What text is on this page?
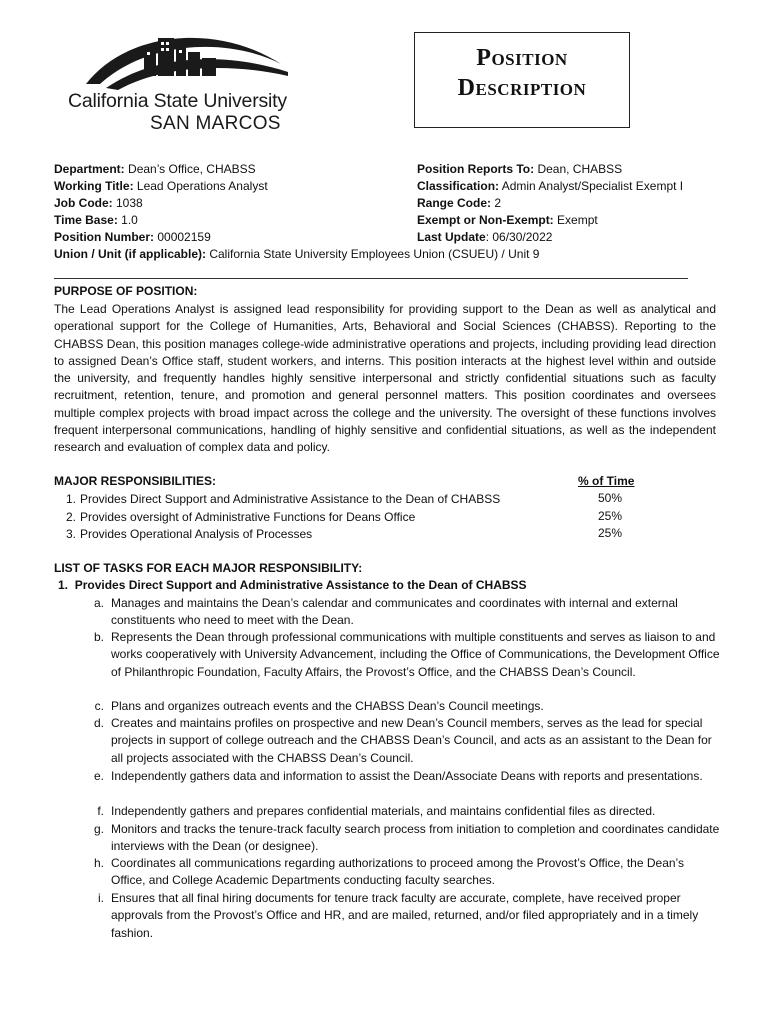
California State University
SAN MARCOS
Position
Description
Department: Dean’s Office, CHABSS
Working Title: Lead Operations Analyst
Job Code: 1038
Time Base: 1.0
Position Number: 00002159
Union / Unit (if applicable): California State University Employees Union (CSUEU) / Unit 9
Position Reports To: Dean, CHABSS
Classification: Admin Analyst/Specialist Exempt I
Range Code: 2
Exempt or Non-Exempt: Exempt
Last Update: 06/30/2022
PURPOSE OF POSITION:
The Lead Operations Analyst is assigned lead responsibility for providing support to the Dean as well as analytical and operational support for the College of Humanities, Arts, Behavioral and Social Sciences (CHABSS). Reporting to the CHABSS Dean, this position manages college-wide administrative operations and projects, including providing lead direction to assigned Dean’s Office staff, student workers, and interns. This position interacts at the highest level within and outside the university, and frequently handles highly sensitive interpersonal and strictly confidential situations such as faculty recruitment, retention, tenure, and promotion and general personnel matters. This position coordinates and oversees multiple complex projects with broad impact across the college and the university. The oversight of these functions involves frequent interpersonal communications, handling of highly sensitive and confidential situations, as well as the independent research and evaluation of complex data and policy.
MAJOR RESPONSIBILITIES:	% of Time
1. Provides Direct Support and Administrative Assistance to the Dean of CHABSS	50%
2. Provides oversight of Administrative Functions for Deans Office	25%
3. Provides Operational Analysis of Processes	25%
LIST OF TASKS FOR EACH MAJOR RESPONSIBILITY:
1. Provides Direct Support and Administrative Assistance to the Dean of CHABSS
a. Manages and maintains the Dean’s calendar and communicates and coordinates with internal and external constituents who need to meet with the Dean.
b. Represents the Dean through professional communications with multiple constituents and serves as liaison to and works cooperatively with University Advancement, including the Office of Communications, the Development Office of Philanthropic Foundation, Faculty Affairs, the Provost’s Office, and the CHABSS Dean’s Council.
c. Plans and organizes outreach events and the CHABSS Dean’s Council meetings.
d. Creates and maintains profiles on prospective and new Dean’s Council members, serves as the lead for special projects in support of college outreach and the CHABSS Dean’s Council, and acts as an assistant to the Dean for all projects associated with the CHABSS Dean’s Council.
e. Independently gathers data and information to assist the Dean/Associate Deans with reports and presentations.
f. Independently gathers and prepares confidential materials, and maintains confidential files as directed.
g. Monitors and tracks the tenure-track faculty search process from initiation to completion and coordinates candidate interviews with the Dean (or designee).
h. Coordinates all communications regarding authorizations to proceed among the Provost’s Office, the Dean’s Office, and College Academic Departments conducting faculty searches.
i. Ensures that all final hiring documents for tenure track faculty are accurate, complete, have received proper approvals from the Provost’s Office and HR, and are mailed, returned, and/or filed appropriately and in a timely fashion.
